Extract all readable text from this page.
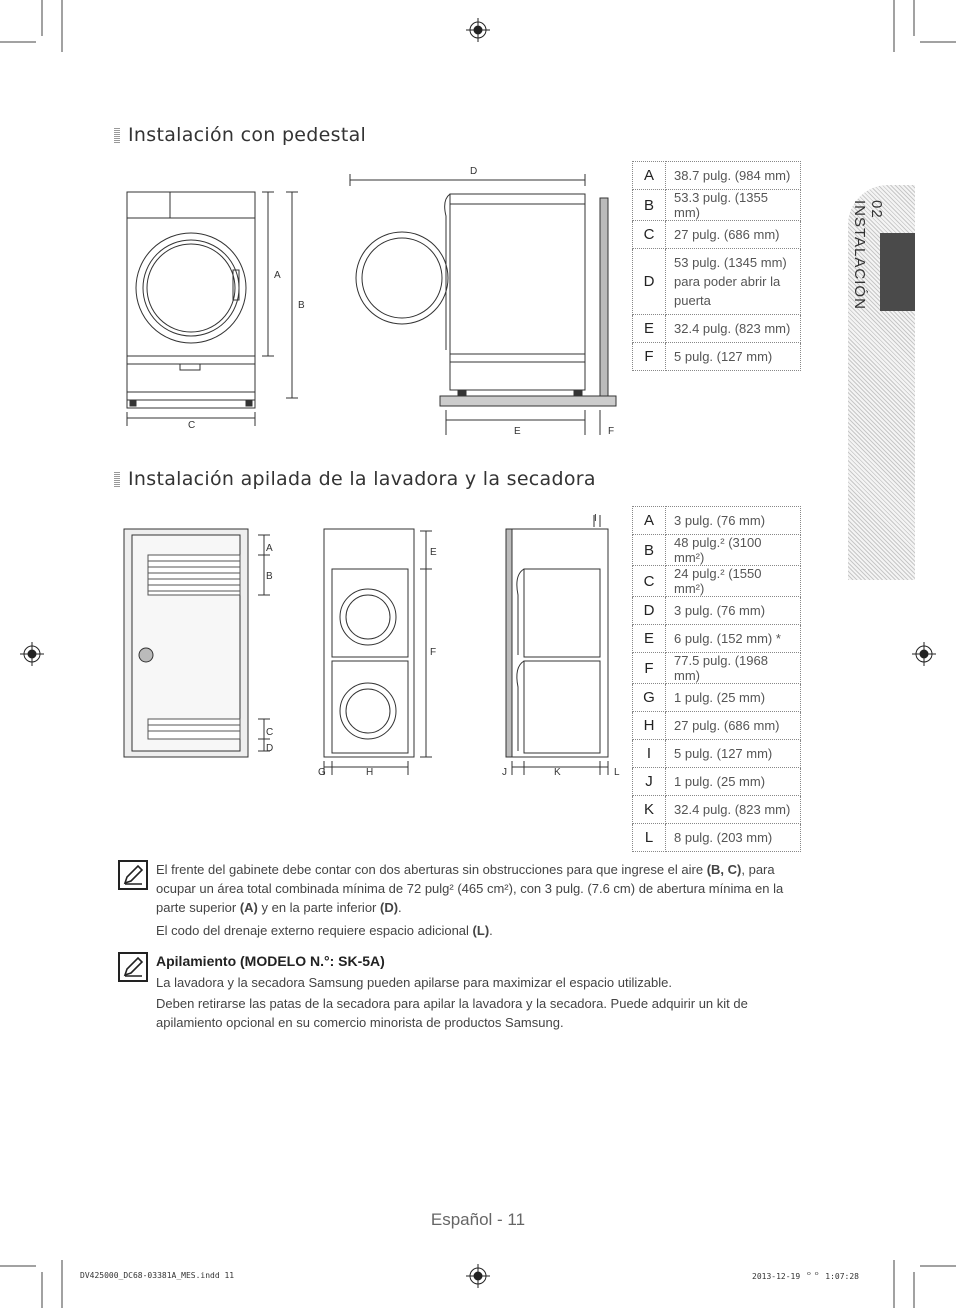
02 INSTALACIÓN
Instalación con pedestal
A
B
C
D
E	F
A	38.7 pulg. (984 mm)
B	53.3 pulg. (1355 mm)
C	27 pulg. (686 mm)
D	53 pulg. (1345 mm) para poder abrir la puerta
E	32.4 pulg. (823 mm)
F	5 pulg. (127 mm)
Instalación apilada de la lavadora y la secadora
A
B
C
D
E
F
G	H
I
J	K	L
A	3 pulg. (76 mm)
B	48 pulg.² (3100 mm²)
C	24 pulg.² (1550 mm²)
D	3 pulg. (76 mm)
E	6 pulg. (152 mm) *
F	77.5 pulg. (1968 mm)
G	1 pulg. (25 mm)
H	27 pulg. (686 mm)
I	5 pulg. (127 mm)
J	1 pulg. (25 mm)
K	32.4 pulg. (823 mm)
L	8 pulg. (203 mm)

El frente del gabinete debe contar con dos aberturas sin obstrucciones para que ingrese el aire (B, C), para ocupar un área total combinada mínima de 72 pulg² (465 cm²), con 3 pulg. (7.6 cm) de abertura mínima en la parte superior (A) y en la parte inferior (D).

El codo del drenaje externo requiere espacio adicional (L).

Apilamiento (MODELO N.°: SK-5A)

La lavadora y la secadora Samsung pueden apilarse para maximizar el espacio utilizable.

Deben retirarse las patas de la secadora para apilar la lavadora y la secadora. Puede adquirir un kit de apilamiento opcional en su comercio minorista de productos Samsung.

Español - 11
DV425000_DC68-03381A_MES.indd 11	2013-12-19 ᄋᄋ 1:07:28
